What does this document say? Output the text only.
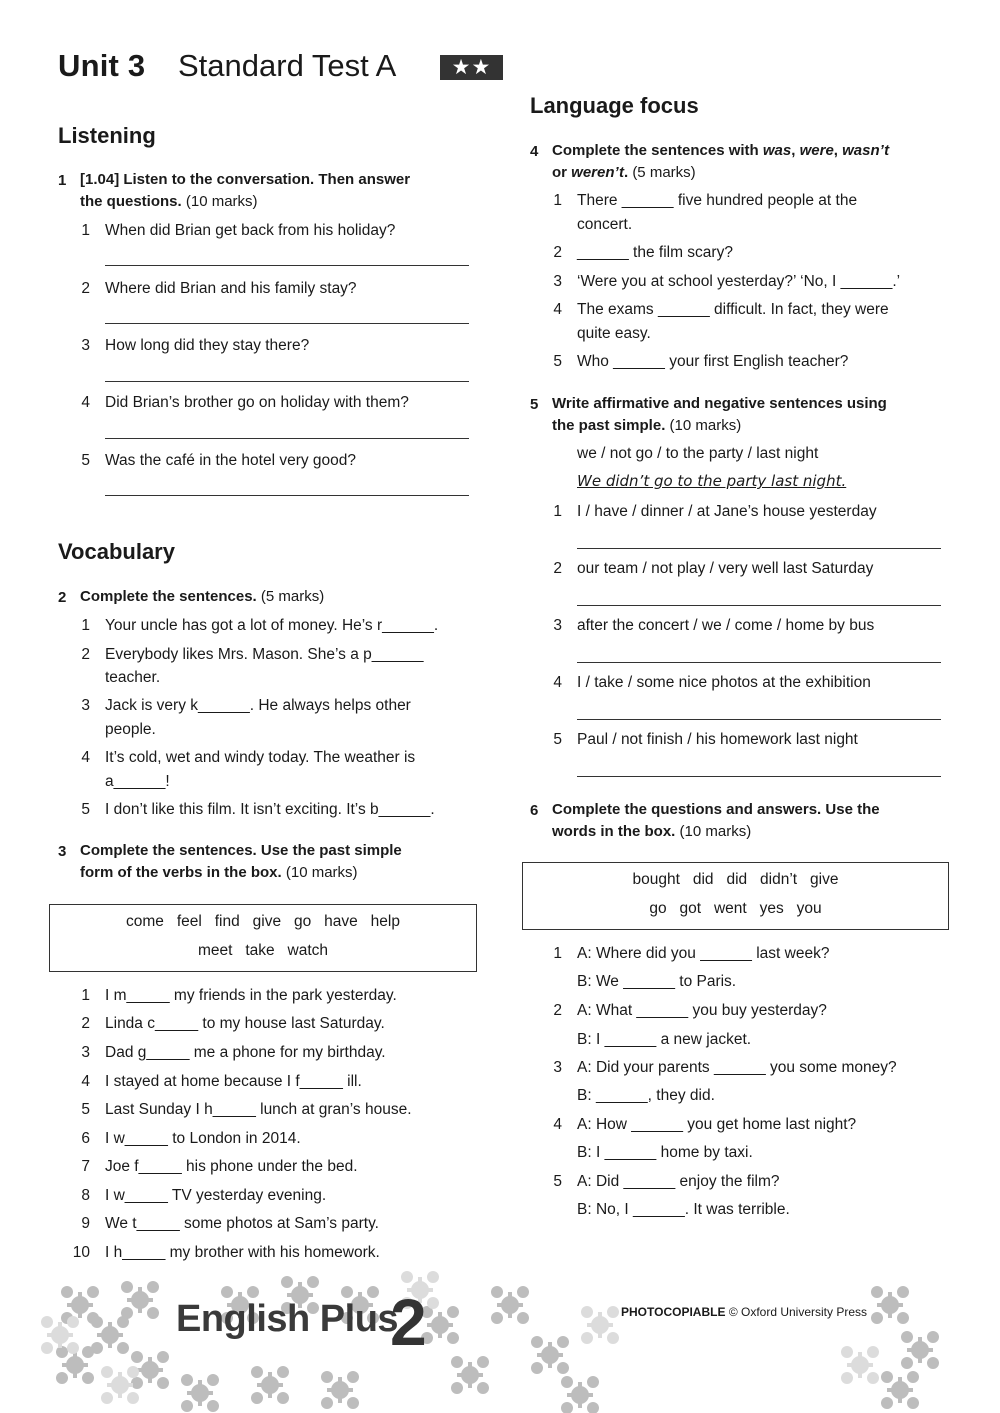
Unit 3 Standard Test A	★★
Listening
1 [1.04] Listen to the conversation. Then answer
the questions. (10 marks)
1 When did Brian get back from his holiday?
2 Where did Brian and his family stay?
3 How long did they stay there?
4 Did Brian’s brother go on holiday with them?
5 Was the café in the hotel very good?
Vocabulary
2 Complete the sentences. (5 marks)
1 Your uncle has got a lot of money. He’s r______.
2 Everybody likes Mrs. Mason. She’s a p______
teacher.
3 Jack is very k______. He always helps other
people.
4 It’s cold, wet and windy today. The weather is
a______!
5 I don’t like this film. It isn’t exciting. It’s b______.
3 Complete the sentences. Use the past simple
form of the verbs in the box. (10 marks)
come   feel   find   give   go   have   help
meet   take   watch
1 I m_____ my friends in the park yesterday.
2 Linda c_____ to my house last Saturday.
3 Dad g_____ me a phone for my birthday.
4 I stayed at home because I f_____ ill.
5 Last Sunday I h_____ lunch at gran’s house.
6 I w_____ to London in 2014.
7 Joe f_____ his phone under the bed.
8 I w_____ TV yesterday evening.
9 We t_____ some photos at Sam’s party.
10 I h_____ my brother with his homework.
Language focus
4 Complete the sentences with was, were, wasn’t
or weren’t. (5 marks)
1 There ______ five hundred people at the
concert.
2 ______ the film scary?
3 ‘Were you at school yesterday?’ ‘No, I ______.’
4 The exams ______ difficult. In fact, they were
quite easy.
5 Who ______ your first English teacher?
5 Write affirmative and negative sentences using
the past simple. (10 marks)
we / not go / to the party / last night
We didn’t go to the party last night.
1 I / have / dinner / at Jane’s house yesterday
2 our team / not play / very well last Saturday
3 after the concert / we / come / home by bus
4 I / take / some nice photos at the exhibition
5 Paul / not finish / his homework last night
6 Complete the questions and answers. Use the
words in the box. (10 marks)
bought   did   did   didn’t   give
go   got   went   yes   you
1 A: Where did you ______ last week?
B: We ______ to Paris.
2 A: What ______ you buy yesterday?
B: I ______ a new jacket.
3 A: Did your parents ______ you some money?
B: ______, they did.
4 A: How ______ you get home last night?
B: I ______ home by taxi.
5 A: Did ______ enjoy the film?
B: No, I ______. It was terrible.
English Plus
2	PHOTOCOPIABLE © Oxford University Press
